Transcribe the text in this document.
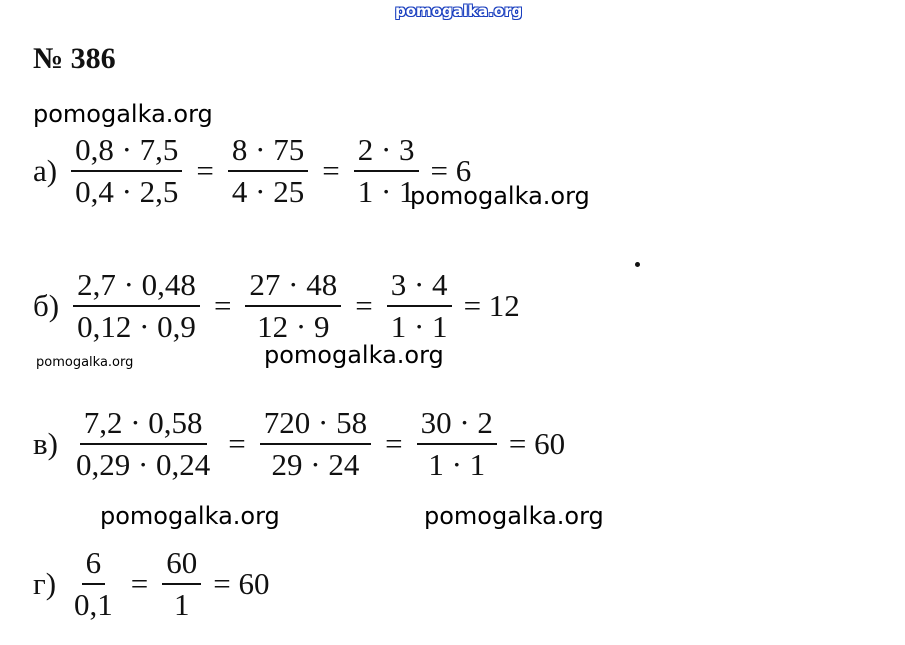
pomogalka.org
№ 386
pomogalka.org
$а) \frac{0,8 \cdot 7,5}{0,4 \cdot 2,5} = \frac{8 \cdot 75}{4 \cdot 25} = \frac{2 \cdot 3}{1 \cdot 1} = 6$
pomogalka.org
$б) \frac{2,7 \cdot 0,48}{0,12 \cdot 0,9} = \frac{27 \cdot 48}{12 \cdot 9} = \frac{3 \cdot 4}{1 \cdot 1} = 12$
pomogalka.org	pomogalka.org
$в) \frac{7,2 \cdot 0,58}{0,29 \cdot 0,24} = \frac{720 \cdot 58}{29 \cdot 24} = \frac{30 \cdot 2}{1 \cdot 1} = 60$
pomogalka.org	pomogalka.org
$г) \frac{6}{0,1} = \frac{60}{1} = 60$
